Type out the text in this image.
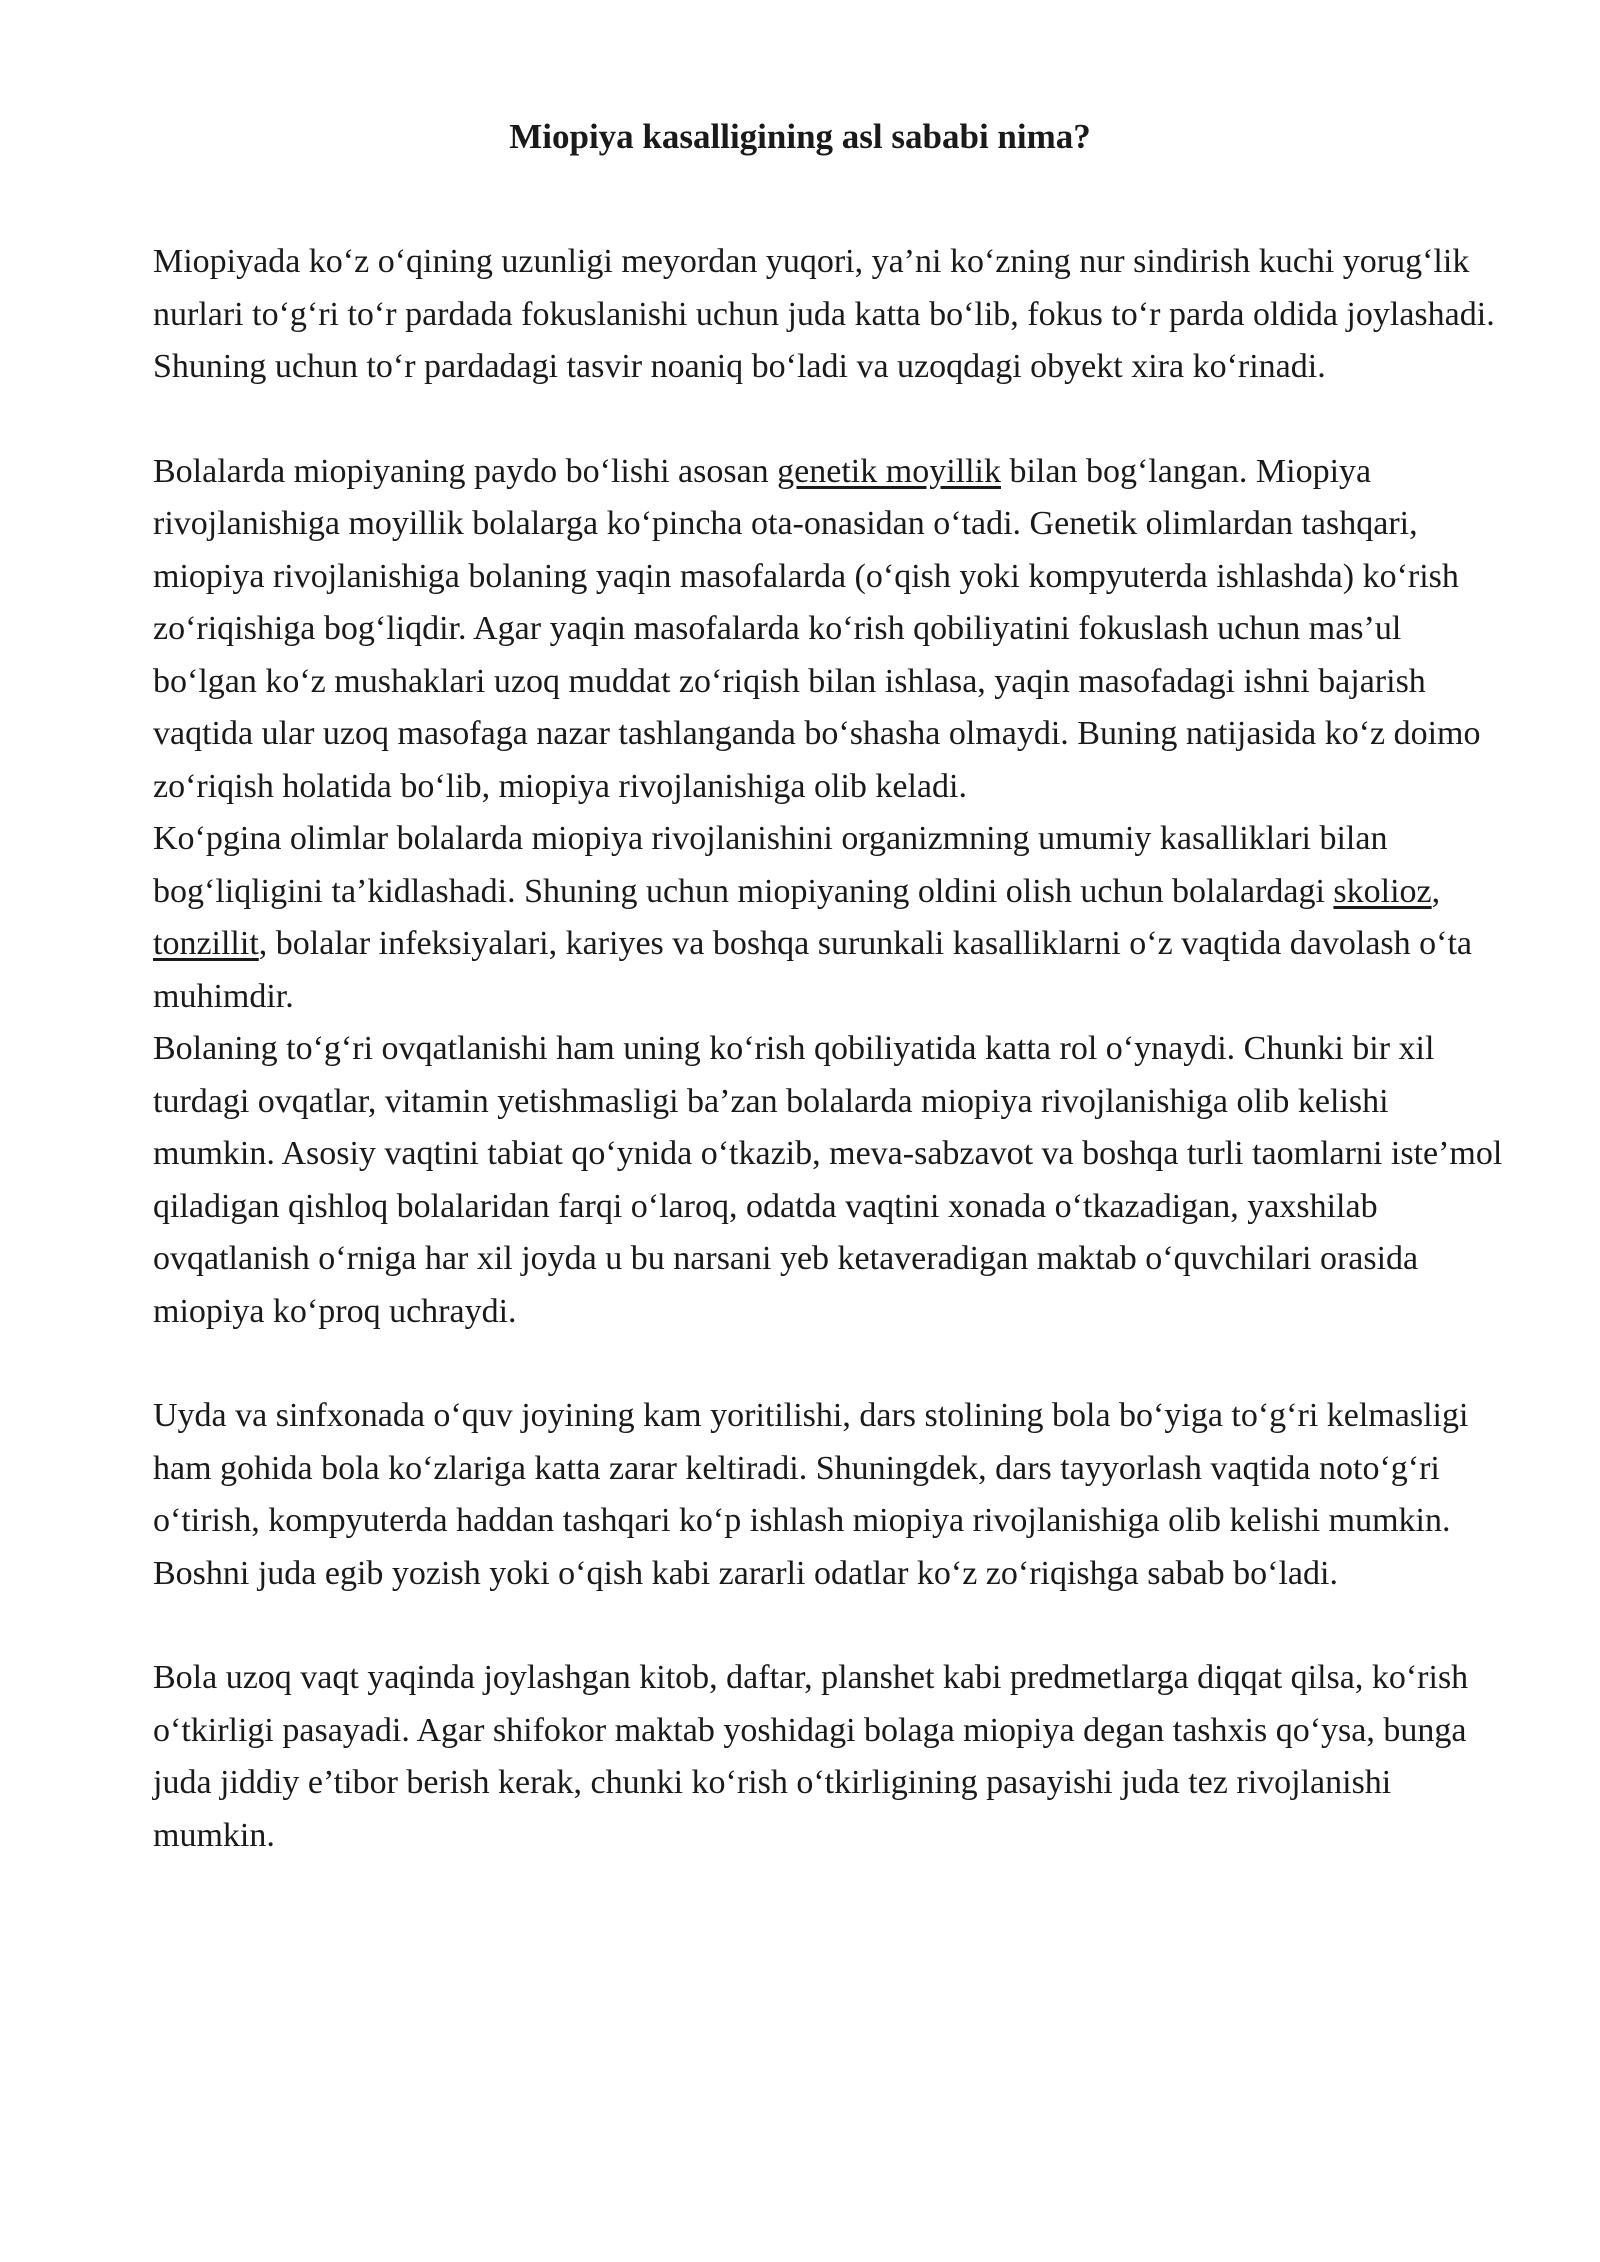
Miopiya kasalligining asl sababi nima?

Miopiyada ko‘z o‘qining uzunligi meyordan yuqori, ya’ni ko‘zning nur sindirish kuchi yorug‘lik nurlari to‘g‘ri to‘r pardada fokuslanishi uchun juda katta bo‘lib, fokus to‘r parda oldida joylashadi. Shuning uchun to‘r pardadagi tasvir noaniq bo‘ladi va uzoqdagi obyekt xira ko‘rinadi.

Bolalarda miopiyaning paydo bo‘lishi asosan genetik moyillik bilan bog‘langan. Miopiya rivojlanishiga moyillik bolalarga ko‘pincha ota-onasidan o‘tadi. Genetik olimlardan tashqari, miopiya rivojlanishiga bolaning yaqin masofalarda (o‘qish yoki kompyuterda ishlashda) ko‘rish zo‘riqishiga bog‘liqdir. Agar yaqin masofalarda ko‘rish qobiliyatini fokuslash uchun mas’ul bo‘lgan ko‘z mushaklari uzoq muddat zo‘riqish bilan ishlasa, yaqin masofadagi ishni bajarish vaqtida ular uzoq masofaga nazar tashlanganda bo‘shasha olmaydi. Buning natijasida ko‘z doimo zo‘riqish holatida bo‘lib, miopiya rivojlanishiga olib keladi.

Ko‘pgina olimlar bolalarda miopiya rivojlanishini organizmning umumiy kasalliklari bilan bog‘liqligini ta’kidlashadi. Shuning uchun miopiyaning oldini olish uchun bolalardagi skolioz, tonzillit, bolalar infeksiyalari, kariyes va boshqa surunkali kasalliklarni o‘z vaqtida davolash o‘ta muhimdir.

Bolaning to‘g‘ri ovqatlanishi ham uning ko‘rish qobiliyatida katta rol o‘ynaydi. Chunki bir xil turdagi ovqatlar, vitamin yetishmasligi ba’zan bolalarda miopiya rivojlanishiga olib kelishi mumkin. Asosiy vaqtini tabiat qo‘ynida o‘tkazib, meva-sabzavot va boshqa turli taomlarni iste’mol qiladigan qishloq bolalaridan farqi o‘laroq, odatda vaqtini xonada o‘tkazadigan, yaxshilab ovqatlanish o‘rniga har xil joyda u bu narsani yeb ketaveradigan maktab o‘quvchilari orasida miopiya ko‘proq uchraydi.

Uyda va sinfxonada o‘quv joyining kam yoritilishi, dars stolining bola bo‘yiga to‘g‘ri kelmasligi ham gohida bola ko‘zlariga katta zarar keltiradi. Shuningdek, dars tayyorlash vaqtida noto‘g‘ri o‘tirish, kompyuterda haddan tashqari ko‘p ishlash miopiya rivojlanishiga olib kelishi mumkin. Boshni juda egib yozish yoki o‘qish kabi zararli odatlar ko‘z zo‘riqishga sabab bo‘ladi.

Bola uzoq vaqt yaqinda joylashgan kitob, daftar, planshet kabi predmetlarga diqqat qilsa, ko‘rish o‘tkirligi pasayadi. Agar shifokor maktab yoshidagi bolaga miopiya degan tashxis qo‘ysa, bunga juda jiddiy e’tibor berish kerak, chunki ko‘rish o‘tkirligining pasayishi juda tez rivojlanishi mumkin.
